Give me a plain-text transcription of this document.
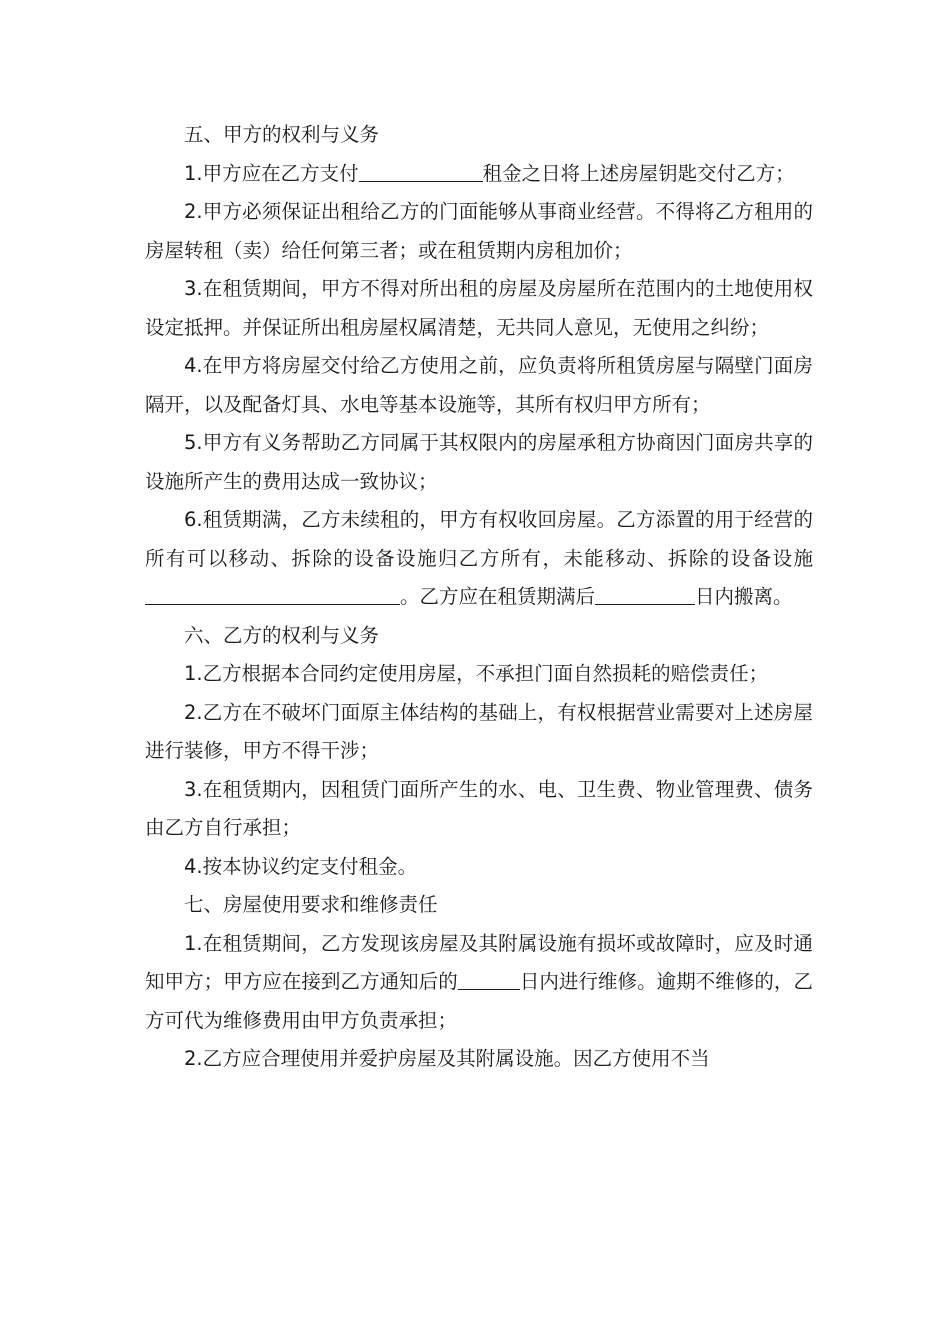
五、甲方的权利与义务

1.甲方应在乙方支付	租金之日将上述房屋钥匙交付乙方；

2.甲方必须保证出租给乙方的门面能够从事商业经营。不得将乙方租用的房屋转租（卖）给任何第三者；或在租赁期内房租加价；

3.在租赁期间，甲方不得对所出租的房屋及房屋所在范围内的土地使用权设定抵押。并保证所出租房屋权属清楚，无共同人意见，无使用之纠纷；

4.在甲方将房屋交付给乙方使用之前，应负责将所租赁房屋与隔壁门面房隔开，以及配备灯具、水电等基本设施等，其所有权归甲方所有；

5.甲方有义务帮助乙方同属于其权限内的房屋承租方协商因门面房共享的设施所产生的费用达成一致协议；

6.租赁期满，乙方未续租的，甲方有权收回房屋。乙方添置的用于经营的所有可以移动、拆除的设备设施归乙方所有，未能移动、拆除的设备设施。乙方应在租赁期满后	日内搬离。

六、乙方的权利与义务

1.乙方根据本合同约定使用房屋，不承担门面自然损耗的赔偿责任；

2.乙方在不破坏门面原主体结构的基础上，有权根据营业需要对上述房屋进行装修，甲方不得干涉；

3.在租赁期内，因租赁门面所产生的水、电、卫生费、物业管理费、债务由乙方自行承担；

4.按本协议约定支付租金。

七、房屋使用要求和维修责任

1.在租赁期间，乙方发现该房屋及其附属设施有损坏或故障时，应及时通知甲方；甲方应在接到乙方通知后的	日内进行维修。逾期不维修的，乙方可代为维修费用由甲方负责承担；

2.乙方应合理使用并爱护房屋及其附属设施。因乙方使用不当
